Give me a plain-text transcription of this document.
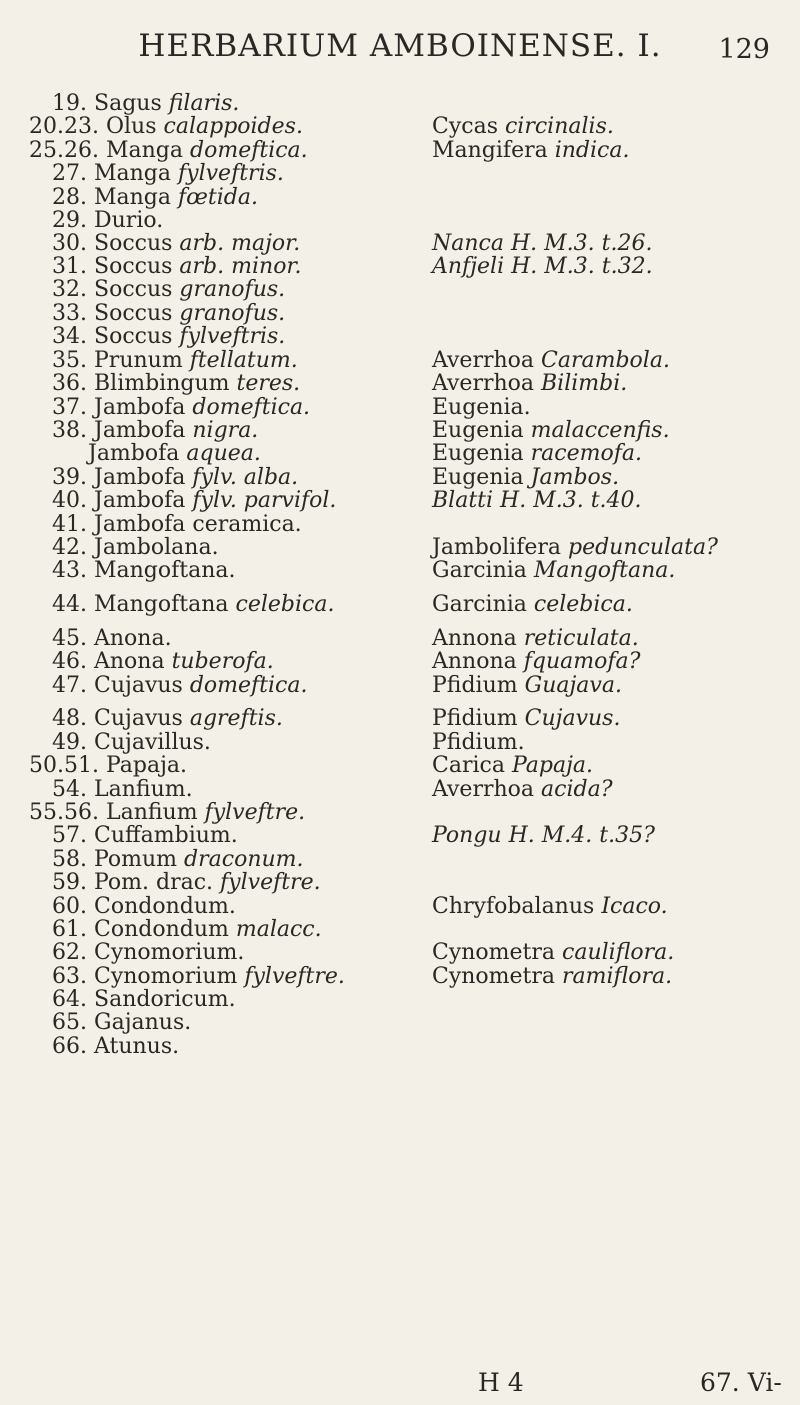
HERBARIUM AMBOINENSE. I.	129
19. Sagus filaris.
20.23. Olus calappoides.	Cycas circinalis.
25.26. Manga domeftica.	Mangifera indica.
27. Manga fylveftris.
28. Manga fœtida.
29. Durio.
30. Soccus arb. major.	Nanca H. M.3. t.26.
31. Soccus arb. minor.	Anfjeli H. M.3. t.32.
32. Soccus granofus.
33. Soccus granofus.
34. Soccus fylveftris.
35. Prunum ftellatum.	Averrhoa Carambola.
36. Blimbingum teres.	Averrhoa Bilimbi.
37. Jambofa domeftica.	Eugenia.
38. Jambofa nigra.	Eugenia malaccenfis.
Jambofa aquea.	Eugenia racemofa.
39. Jambofa fylv. alba.	Eugenia Jambos.
40. Jambofa fylv. parvifol.	Blatti H. M.3. t.40.
41. Jambofa ceramica.
42. Jambolana.	Jambolifera pedunculata?
43. Mangoftana.	Garcinia Mangoftana.
44. Mangoftana celebica.	Garcinia celebica.
45. Anona.	Annona reticulata.
46. Anona tuberofa.	Annona fquamofa?
47. Cujavus domeftica.	Pfidium Guajava.
48. Cujavus agreftis.	Pfidium Cujavus.
49. Cujavillus.	Pfidium.
50.51. Papaja.	Carica Papaja.
54. Lanfium.	Averrhoa acida?
55.56. Lanfium fylveftre.
57. Cuffambium.	Pongu H. M.4. t.35?
58. Pomum draconum.
59. Pom. drac. fylveftre.
60. Condondum.	Chryfobalanus Icaco.
61. Condondum malacc.
62. Cynomorium.	Cynometra cauliflora.
63. Cynomorium fylveftre.	Cynometra ramiflora.
64. Sandoricum.
65. Gajanus.
66. Atunus.
H 4	67. Vi-
